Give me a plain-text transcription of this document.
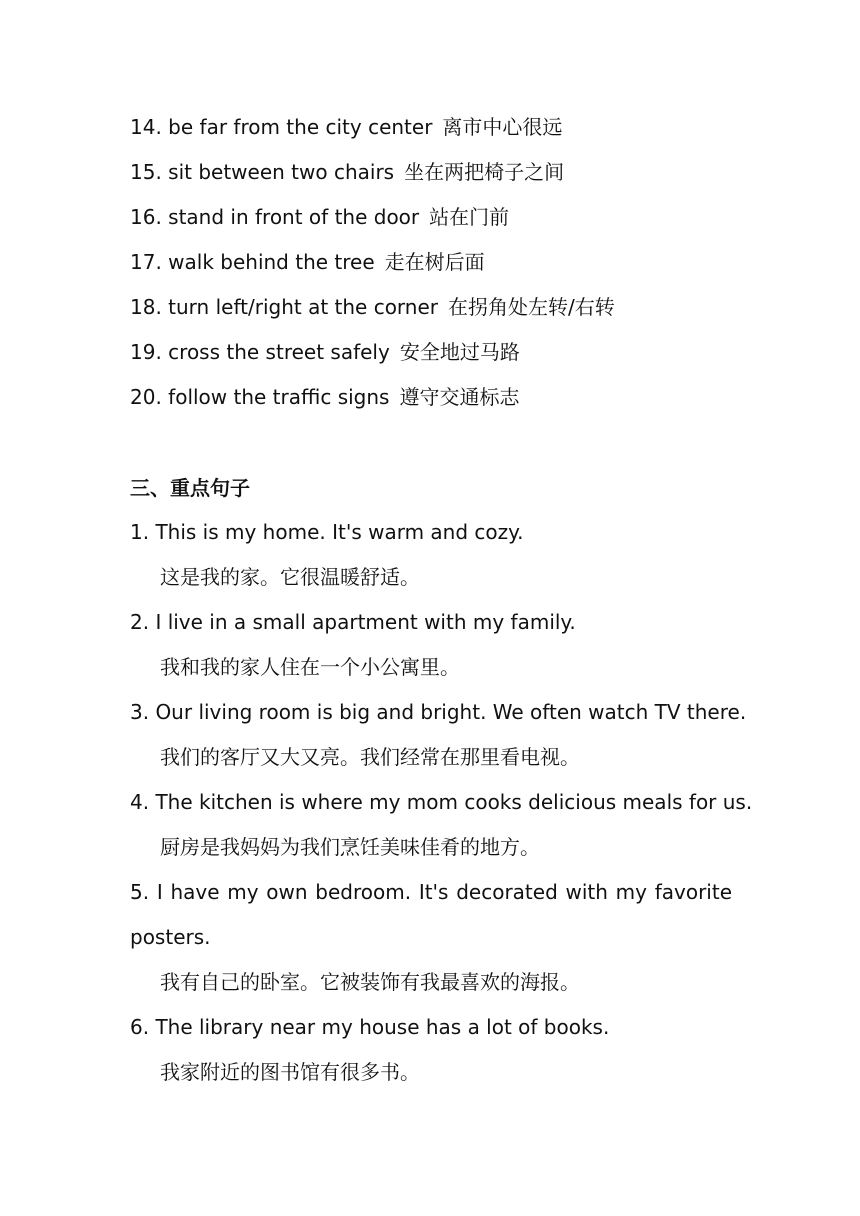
14. be far from the city center 离市中心很远
15. sit between two chairs 坐在两把椅子之间
16. stand in front of the door 站在门前
17. walk behind the tree 走在树后面
18. turn left/right at the corner 在拐角处左转/右转
19. cross the street safely 安全地过马路
20. follow the traffic signs 遵守交通标志
三、重点句子
1. This is my home. It's warm and cozy.
这是我的家。它很温暖舒适。
2. I live in a small apartment with my family.
我和我的家人住在一个小公寓里。
3. Our living room is big and bright. We often watch TV there.
我们的客厅又大又亮。我们经常在那里看电视。
4. The kitchen is where my mom cooks delicious meals for us.
厨房是我妈妈为我们烹饪美味佳肴的地方。
5. I have my own bedroom. It's decorated with my favorite
posters.
我有自己的卧室。它被装饰有我最喜欢的海报。
6. The library near my house has a lot of books.
我家附近的图书馆有很多书。
